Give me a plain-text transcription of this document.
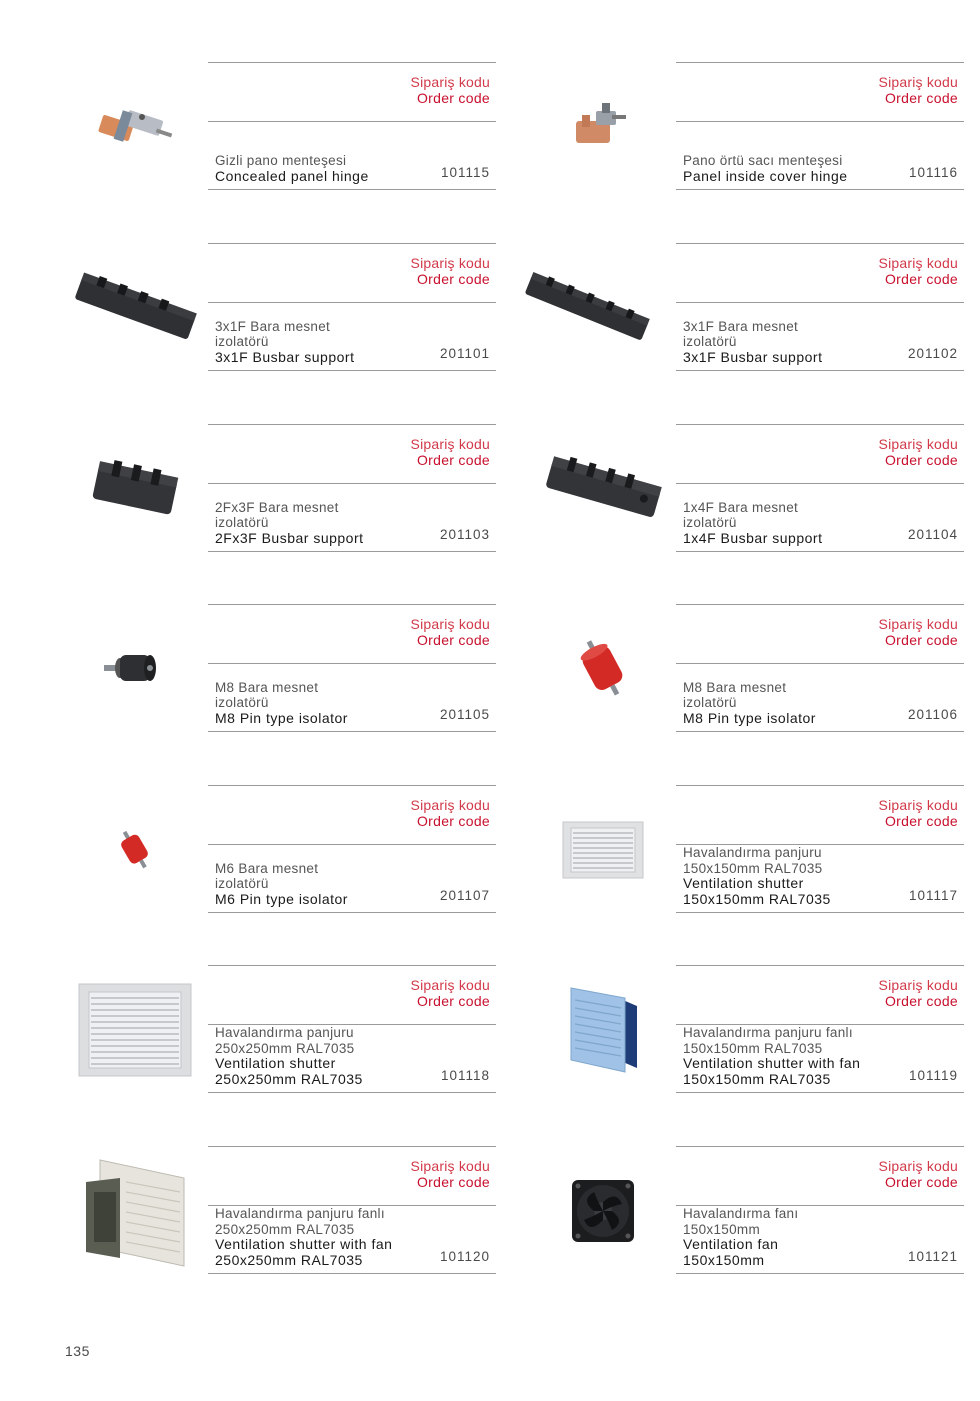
Sipariş kodu
Order code
Gizli pano menteşesi
Concealed panel hinge	101115
Sipariş kodu
Order code
Pano örtü sacı menteşesi
Panel inside cover hinge	101116
Sipariş kodu
Order code
3x1F Bara mesnet
izolatörü
3x1F Busbar support	201101
Sipariş kodu
Order code
3x1F Bara mesnet
izolatörü
3x1F Busbar support	201102
Sipariş kodu
Order code
2Fx3F Bara mesnet
izolatörü
2Fx3F Busbar support	201103
Sipariş kodu
Order code
1x4F Bara mesnet
izolatörü
1x4F Busbar support	201104
Sipariş kodu
Order code
M8 Bara mesnet
izolatörü
M8 Pin type isolator	201105
Sipariş kodu
Order code
M8 Bara mesnet
izolatörü
M8 Pin type isolator	201106
Sipariş kodu
Order code
M6 Bara mesnet
izolatörü
M6 Pin type isolator	201107
Sipariş kodu
Order code
Havalandırma panjuru
150x150mm RAL7035
Ventilation shutter
150x150mm RAL7035	101117
Sipariş kodu
Order code
Havalandırma panjuru
250x250mm RAL7035
Ventilation shutter
250x250mm RAL7035	101118
Sipariş kodu
Order code
Havalandırma panjuru fanlı
150x150mm RAL7035
Ventilation shutter with fan
150x150mm RAL7035	101119
Sipariş kodu
Order code
Havalandırma panjuru fanlı
250x250mm RAL7035
Ventilation shutter with fan
250x250mm RAL7035	101120
Sipariş kodu
Order code
Havalandırma fanı
150x150mm
Ventilation fan
150x150mm	101121
135
